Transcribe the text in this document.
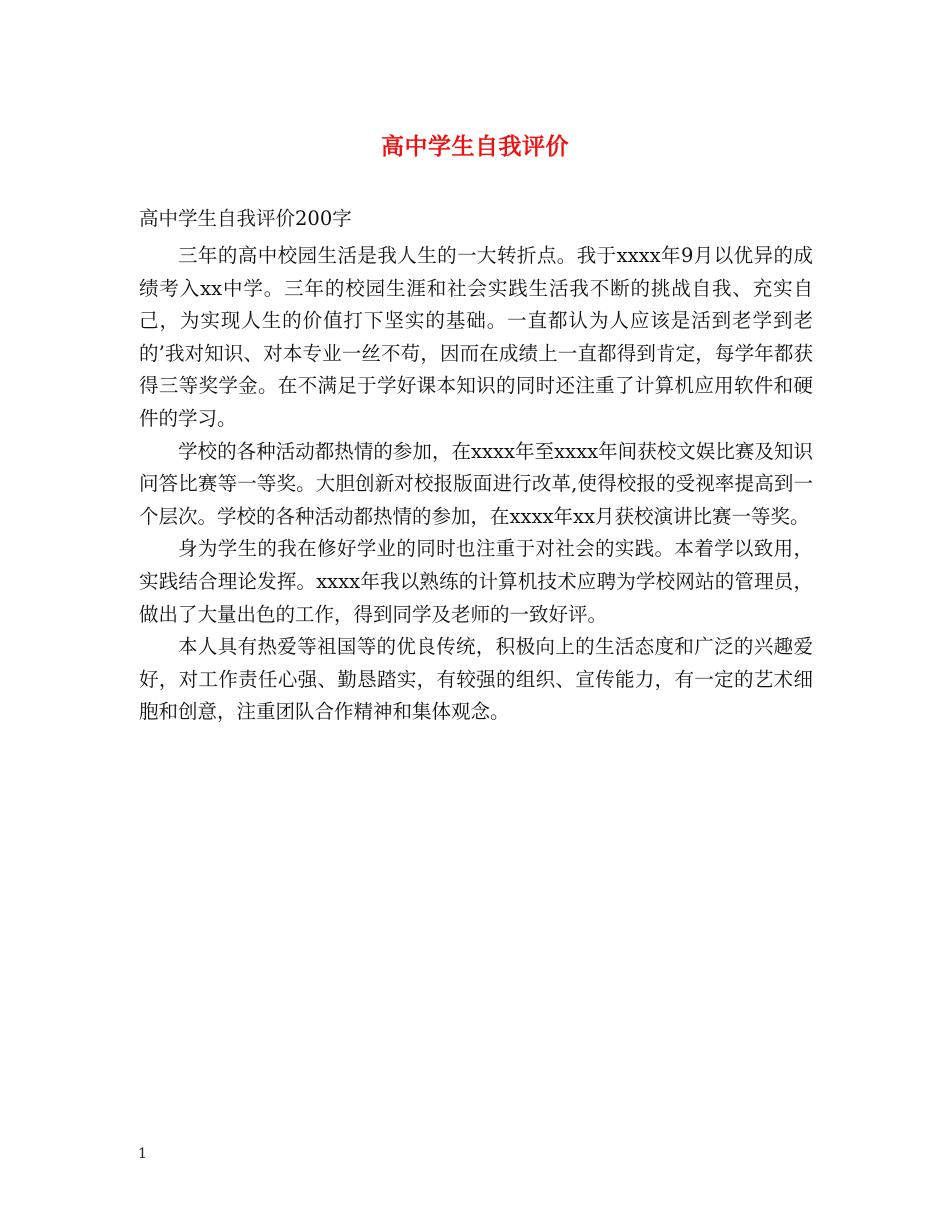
高中学生自我评价
高中学生自我评价200字

三年的高中校园生活是我人生的一大转折点。我于xxxx年9月以优异的成绩考入xx中学。三年的校园生涯和社会实践生活我不断的挑战自我、充实自己，为实现人生的价值打下坚实的基础。一直都认为人应该是活到老学到老的’我对知识、对本专业一丝不苟，因而在成绩上一直都得到肯定，每学年都获得三等奖学金。在不满足于学好课本知识的同时还注重了计算机应用软件和硬件的学习。

学校的各种活动都热情的参加，在xxxx年至xxxx年间获校文娱比赛及知识问答比赛等一等奖。大胆创新对校报版面进行改革,使得校报的受视率提高到一个层次。学校的各种活动都热情的参加，在xxxx年xx月获校演讲比赛一等奖。

身为学生的我在修好学业的同时也注重于对社会的实践。本着学以致用，实践结合理论发挥。xxxx年我以熟练的计算机技术应聘为学校网站的管理员，做出了大量出色的工作，得到同学及老师的一致好评。

本人具有热爱等祖国等的优良传统，积极向上的生活态度和广泛的兴趣爱好，对工作责任心强、勤恳踏实，有较强的组织、宣传能力，有一定的艺术细胞和创意，注重团队合作精神和集体观念。

1
